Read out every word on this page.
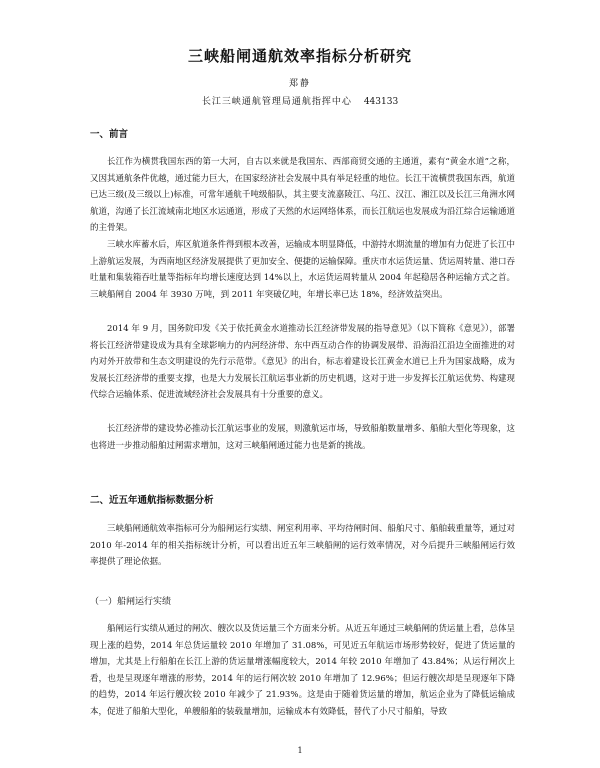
三峡船闸通航效率指标分析研究
郑静
长江三峡通航管理局通航指挥中心 443133
一、前言

长江作为横贯我国东西的第一大河，自古以来就是我国东、西部商贸交通的主通道，素有“黄金水道”之称，又因其通航条件优越，通过能力巨大，在国家经济社会发展中具有举足轻重的地位。长江干流横贯我国东西，航道已达三级(及三级以上)标准，可常年通航千吨级船队，其主要支流嘉陵江、乌江、汉江、湘江以及长江三角洲水网航道，沟通了长江流域南北地区水运通道，形成了天然的水运网络体系，而长江航运也发展成为沿江综合运输通道的主骨架。

三峡水库蓄水后，库区航道条件得到根本改善，运输成本明显降低，中游持水期流量的增加有力促进了长江中上游航运发展，为西南地区经济发展提供了更加安全、便捷的运输保障。重庆市水运货运量、货运周转量、港口吞吐量和集装箱吞吐量等指标年均增长速度达到 14%以上，水运货运周转量从 2004 年起稳居各种运输方式之首。三峡船闸自 2004 年 3930 万吨，到 2011 年突破亿吨，年增长率已达 18%，经济效益突出。

2014 年 9 月，国务院印发《关于依托黄金水道推动长江经济带发展的指导意见》（以下简称《意见》），部署将长江经济带建设成为具有全球影响力的内河经济带、东中西互动合作的协调发展带、沿海沿江沿边全面推进的对内对外开放带和生态文明建设的先行示范带。《意见》的出台，标志着建设长江黄金水道已上升为国家战略，成为发展长江经济带的重要支撑，也是大力发展长江航运事业新的历史机遇，这对于进一步发挥长江航运优势、构建现代综合运输体系、促进流域经济社会发展具有十分重要的意义。

长江经济带的建设势必推动长江航运事业的发展，则激航运市场，导致船舶数量增多、船舶大型化等现象，这也将进一步推动船舶过闸需求增加，这对三峡船闸通过能力也是新的挑战。

二、近五年通航指标数据分析

三峡船闸通航效率指标可分为船闸运行实绩、闸室利用率、平均待闸时间、船舶尺寸、船舶载重量等，通过对 2010 年-2014 年的相关指标统计分析，可以看出近五年三峡船闸的运行效率情况，对今后提升三峡船闸运行效率提供了理论依据。

（一）船闸运行实绩

船闸运行实绩从通过的闸次、艘次以及货运量三个方面来分析。从近五年通过三峡船闸的货运量上看，总体呈现上涨的趋势，2014 年总货运量较 2010 年增加了 31.08%，可见近五年航运市场形势较好，促进了货运量的增加，尤其是上行船舶在长江上游的货运量增涨幅度较大，2014 年较 2010 年增加了 43.84%；从运行闸次上看，也是呈现逐年增涨的形势，2014 年的运行闸次较 2010 年增加了 12.96%；但运行艘次却是呈现逐年下降的趋势，2014 年运行艘次较 2010 年减少了 21.93%。这是由于随着货运量的增加，航运企业为了降低运输成本，促进了船舶大型化，单艘船舶的装载量增加，运输成本有效降低，替代了小尺寸船舶，导致

1
